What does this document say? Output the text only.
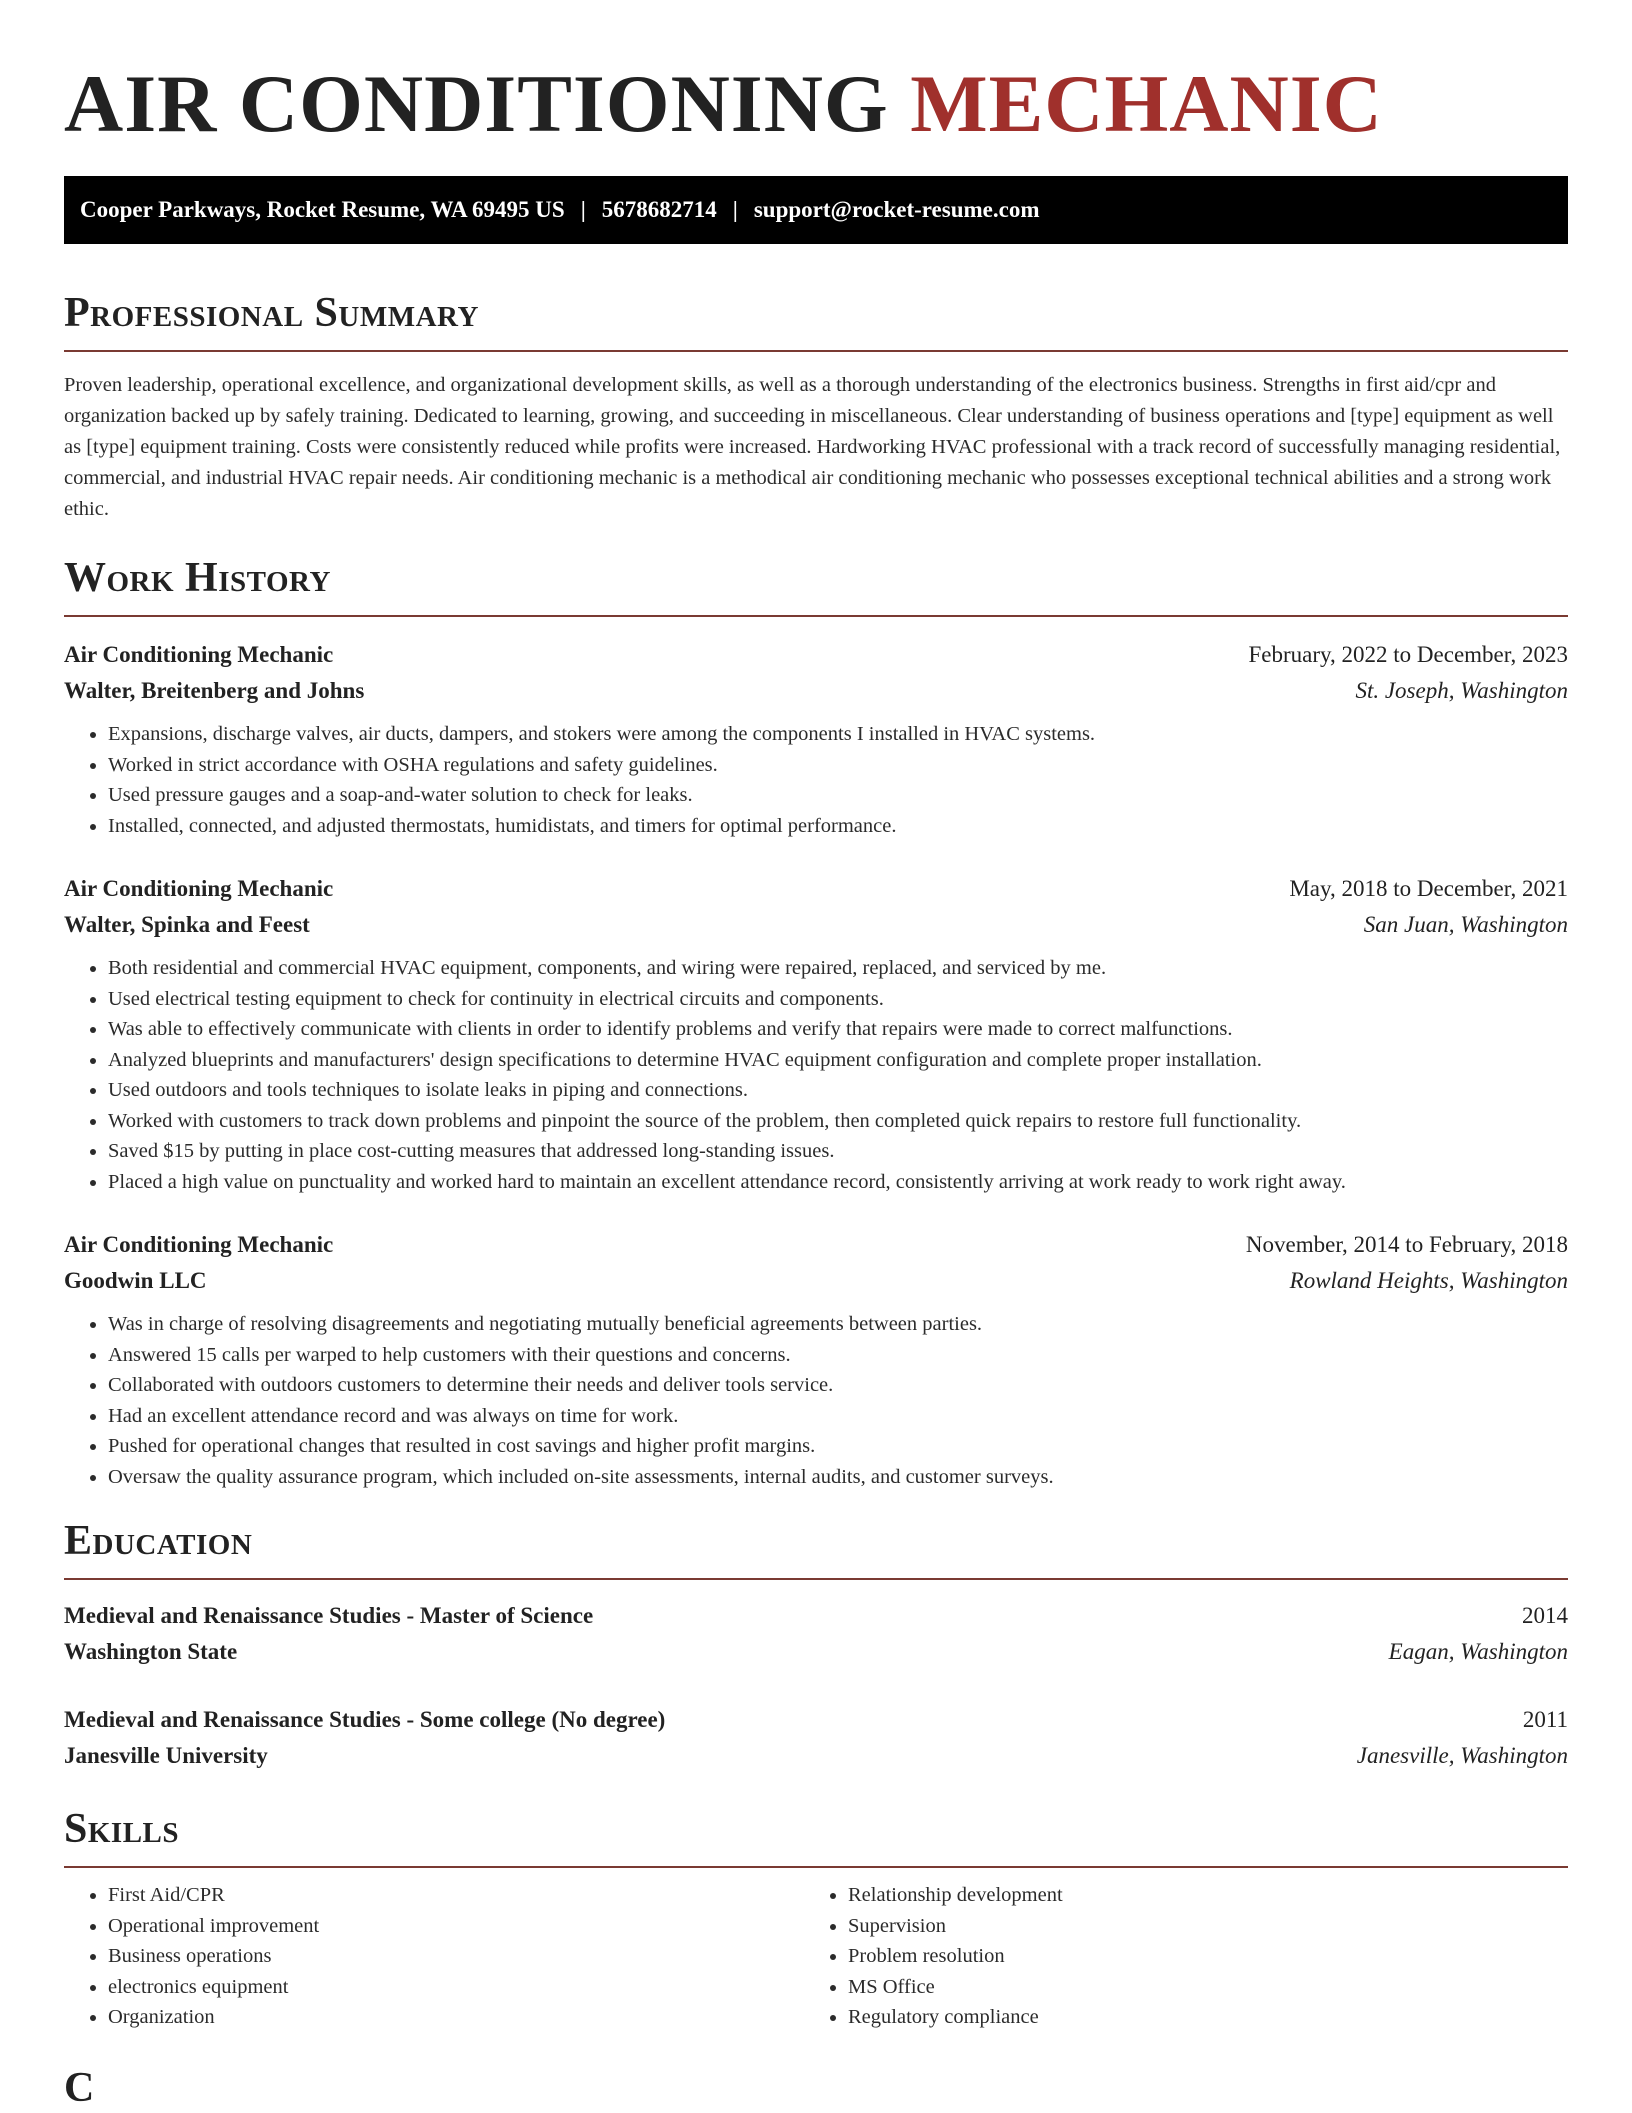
AIR CONDITIONING MECHANIC
Cooper Parkways, Rocket Resume, WA 69495 US | 5678682714 | support@rocket-resume.com
Professional Summary

Proven leadership, operational excellence, and organizational development skills, as well as a thorough understanding of the electronics business. Strengths in first aid/cpr and organization backed up by safely training. Dedicated to learning, growing, and succeeding in miscellaneous. Clear understanding of business operations and [type] equipment as well as [type] equipment training. Costs were consistently reduced while profits were increased. Hardworking HVAC professional with a track record of successfully managing residential, commercial, and industrial HVAC repair needs. Air conditioning mechanic is a methodical air conditioning mechanic who possesses exceptional technical abilities and a strong work ethic.

Work History
Air Conditioning Mechanic	February, 2022 to December, 2023
Walter, Breitenberg and Johns	St. Joseph, Washington
• Expansions, discharge valves, air ducts, dampers, and stokers were among the components I installed in HVAC systems.
• Worked in strict accordance with OSHA regulations and safety guidelines.
• Used pressure gauges and a soap-and-water solution to check for leaks.
• Installed, connected, and adjusted thermostats, humidistats, and timers for optimal performance.
Air Conditioning Mechanic	May, 2018 to December, 2021
Walter, Spinka and Feest	San Juan, Washington
• Both residential and commercial HVAC equipment, components, and wiring were repaired, replaced, and serviced by me.
• Used electrical testing equipment to check for continuity in electrical circuits and components.
• Was able to effectively communicate with clients in order to identify problems and verify that repairs were made to correct malfunctions.
• Analyzed blueprints and manufacturers' design specifications to determine HVAC equipment configuration and complete proper installation.
• Used outdoors and tools techniques to isolate leaks in piping and connections.
• Worked with customers to track down problems and pinpoint the source of the problem, then completed quick repairs to restore full functionality.
• Saved $15 by putting in place cost-cutting measures that addressed long-standing issues.
• Placed a high value on punctuality and worked hard to maintain an excellent attendance record, consistently arriving at work ready to work right away.
Air Conditioning Mechanic	November, 2014 to February, 2018
Goodwin LLC	Rowland Heights, Washington
• Was in charge of resolving disagreements and negotiating mutually beneficial agreements between parties.
• Answered 15 calls per warped to help customers with their questions and concerns.
• Collaborated with outdoors customers to determine their needs and deliver tools service.
• Had an excellent attendance record and was always on time for work.
• Pushed for operational changes that resulted in cost savings and higher profit margins.
• Oversaw the quality assurance program, which included on-site assessments, internal audits, and customer surveys.
Education
Medieval and Renaissance Studies - Master of Science	2014
Washington State	Eagan, Washington
Medieval and Renaissance Studies - Some college (No degree)	2011
Janesville University	Janesville, Washington
Skills
• First Aid/CPR
• Operational improvement
• Business operations
• electronics equipment
• Organization
• Relationship development
• Supervision
• Problem resolution
• MS Office
• Regulatory compliance
C
